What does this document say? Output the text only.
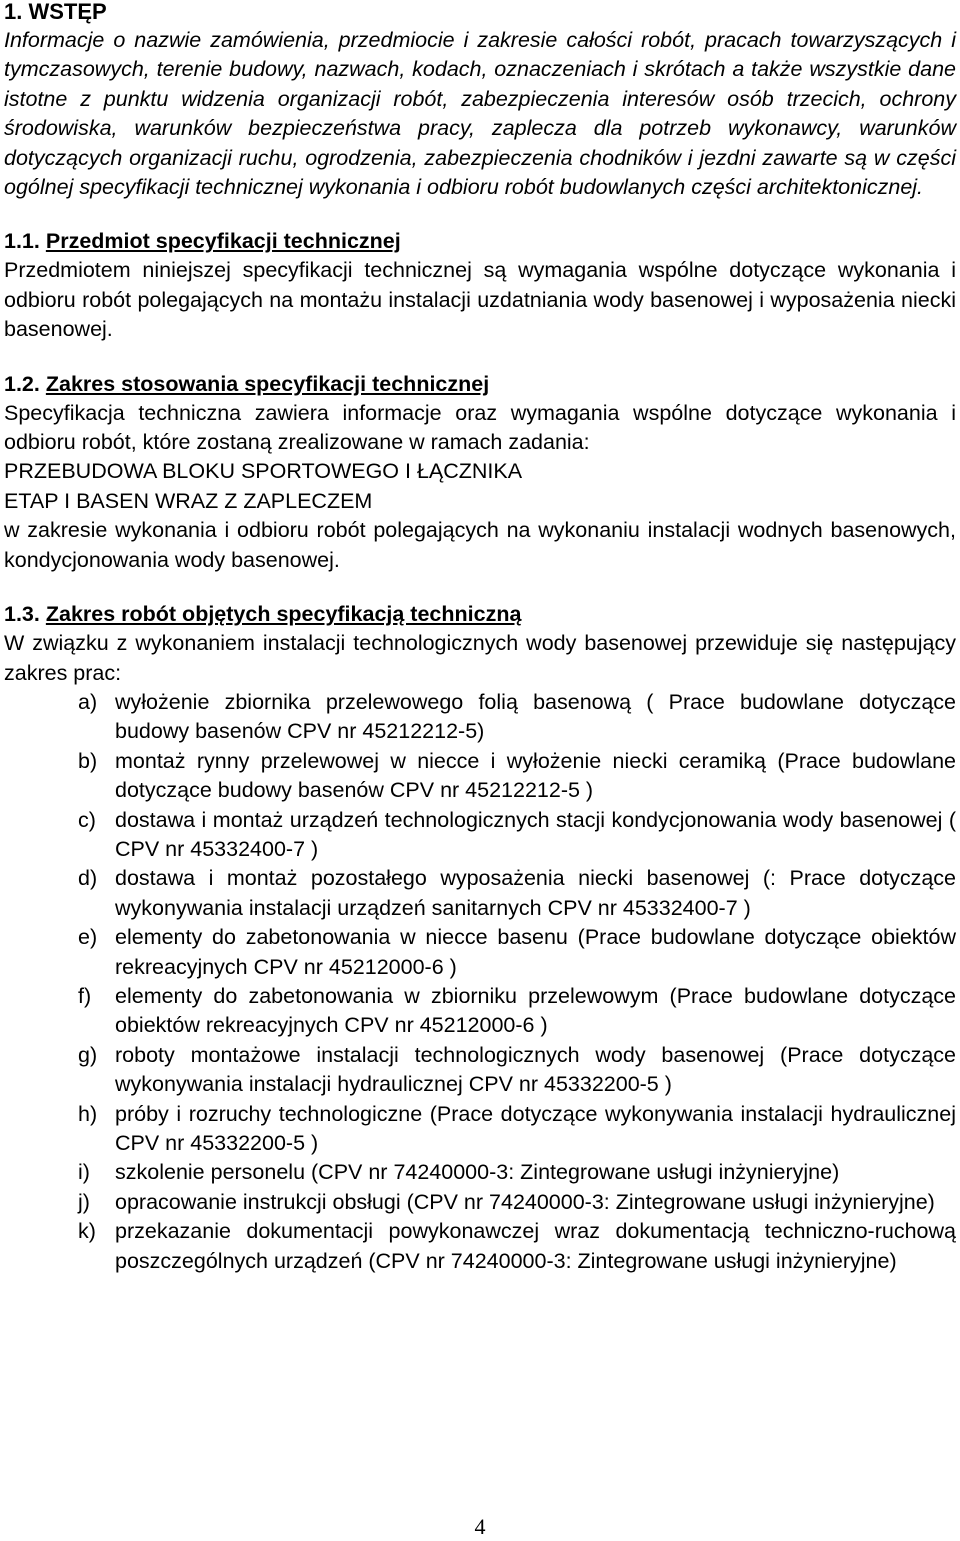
1. WSTĘP
Informacje o nazwie zamówienia, przedmiocie i zakresie całości robót, pracach towarzyszących i tymczasowych, terenie budowy, nazwach, kodach, oznaczeniach i skrótach a także wszystkie dane istotne z punktu widzenia organizacji robót, zabezpieczenia interesów osób trzecich, ochrony środowiska, warunków bezpieczeństwa pracy, zaplecza dla potrzeb wykonawcy, warunków dotyczących organizacji ruchu, ogrodzenia, zabezpieczenia chodników i jezdni zawarte są w części ogólnej specyfikacji technicznej wykonania i odbioru robót budowlanych części architektonicznej.
1.1. Przedmiot specyfikacji technicznej
Przedmiotem niniejszej specyfikacji technicznej są wymagania wspólne dotyczące wykonania i odbioru robót polegających na montażu instalacji uzdatniania wody basenowej i wyposażenia niecki basenowej.
1.2. Zakres stosowania specyfikacji technicznej
Specyfikacja techniczna zawiera informacje oraz wymagania wspólne dotyczące wykonania i odbioru robót, które zostaną zrealizowane w ramach zadania:
PRZEBUDOWA BLOKU SPORTOWEGO I ŁĄCZNIKA
ETAP I BASEN WRAZ Z ZAPLECZEM
w zakresie wykonania i odbioru robót polegających na wykonaniu instalacji wodnych basenowych, kondycjonowania wody basenowej.
1.3. Zakres robót objętych specyfikacją techniczną
W związku z wykonaniem instalacji technologicznych wody basenowej przewiduje się następujący zakres prac:
a) wyłożenie zbiornika przelewowego folią basenową ( Prace budowlane dotyczące budowy basenów CPV nr 45212212-5)
b) montaż rynny przelewowej w niecce i wyłożenie niecki ceramiką (Prace budowlane dotyczące budowy basenów CPV nr 45212212-5 )
c) dostawa i montaż urządzeń technologicznych stacji kondycjonowania wody basenowej ( CPV nr 45332400-7 )
d) dostawa i montaż pozostałego wyposażenia niecki basenowej (: Prace dotyczące wykonywania instalacji urządzeń sanitarnych CPV nr 45332400-7 )
e) elementy do zabetonowania w niecce basenu (Prace budowlane dotyczące obiektów rekreacyjnych CPV nr 45212000-6 )
f) elementy do zabetonowania w zbiorniku przelewowym (Prace budowlane dotyczące obiektów rekreacyjnych CPV nr 45212000-6 )
g) roboty montażowe instalacji technologicznych wody basenowej (Prace dotyczące wykonywania instalacji hydraulicznej CPV nr 45332200-5 )
h) próby i rozruchy technologiczne (Prace dotyczące wykonywania instalacji hydraulicznej CPV nr 45332200-5 )
i) szkolenie personelu (CPV nr 74240000-3: Zintegrowane usługi inżynieryjne)
j) opracowanie instrukcji obsługi (CPV nr 74240000-3: Zintegrowane usługi inżynieryjne)
k) przekazanie dokumentacji powykonawczej wraz dokumentacją techniczno-ruchową poszczególnych urządzeń (CPV nr 74240000-3: Zintegrowane usługi inżynieryjne)
4
